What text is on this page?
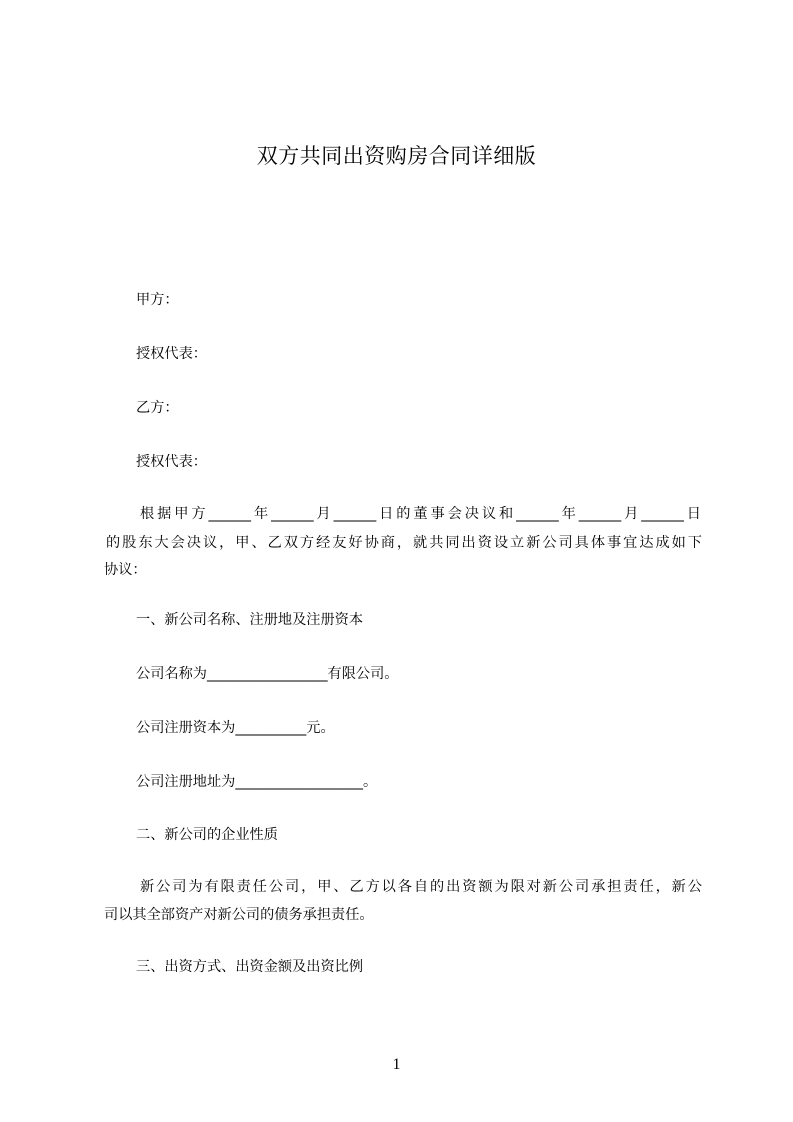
双方共同出资购房合同详细版
甲方：
授权代表：
乙方：
授权代表：
根据甲方______年______月______日的董事会决议和______年______月______日
的股东大会决议，甲、乙双方经友好协商，就共同出资设立新公司具体事宜达成如下
协议：
一、新公司名称、注册地及注册资本
公司名称为_________________有限公司。
公司注册资本为__________元。
公司注册地址为__________________。
二、新公司的企业性质
新公司为有限责任公司，甲、乙方以各自的出资额为限对新公司承担责任，新公
司以其全部资产对新公司的债务承担责任。
三、出资方式、出资金额及出资比例
1
